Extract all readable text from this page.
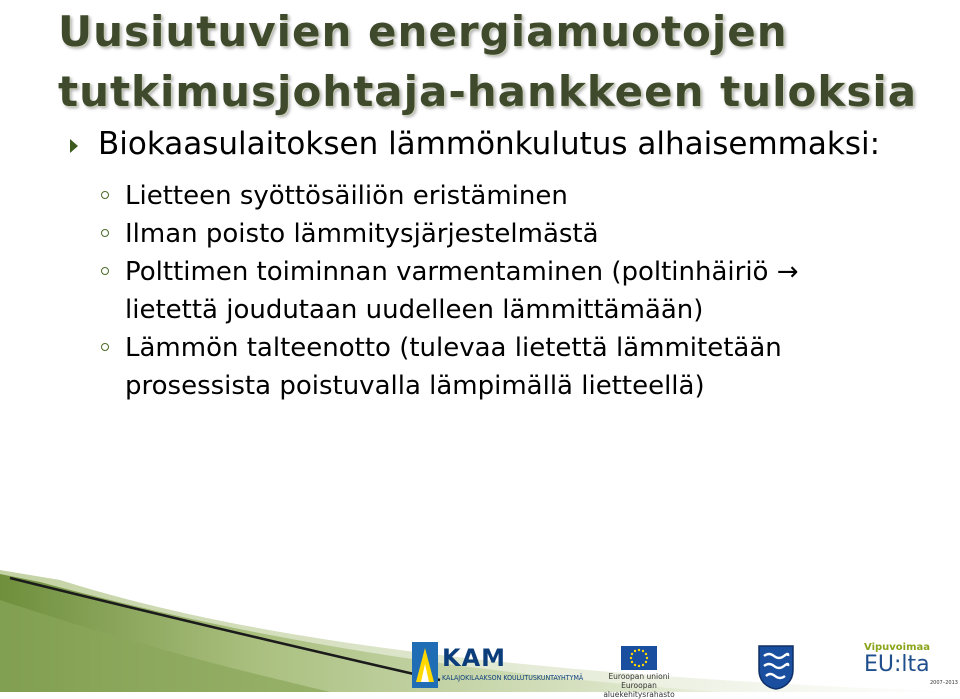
Uusiutuvien energiamuotojen
tutkimusjohtaja-hankkeen tuloksia
Biokaasulaitoksen lämmönkulutus alhaisemmaksi:
Lietteen syöttösäiliön eristäminen
Ilman poisto lämmitysjärjestelmästä
Polttimen toiminnan varmentaminen (poltinhäiriö → lietettä joudutaan uudelleen lämmittämään)
Lämmön talteenotto (tulevaa lietettä lämmitetään prosessista poistuvalla lämpimällä lietteellä)
KAM
KALAJOKILAAKSON KOULUTUSKUNTAYHTYMÄ	Euroopan unioni
Euroopan aluekehitysrahasto
Vipuvoimaa
EU:lta
2007–2013
